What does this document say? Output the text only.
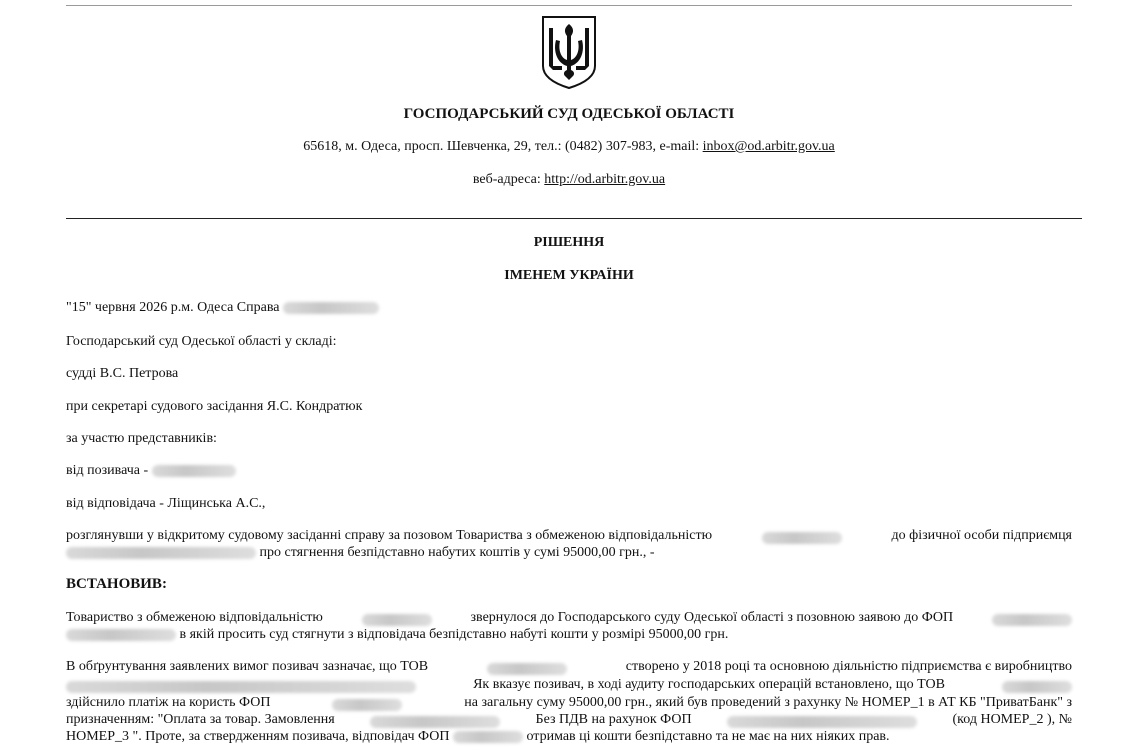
ГОСПОДАРСЬКИЙ СУД ОДЕСЬКОЇ ОБЛАСТІ
65618, м. Одеса, просп. Шевченка, 29, тел.: (0482) 307-983, e-mail: inbox@od.arbitr.gov.ua
веб-адреса: http://od.arbitr.gov.ua
РІШЕННЯ
ІМЕНЕМ УКРАЇНИ
"15" червня 2026 р.м. Одеса Справа
Господарський суд Одеської області у складі:
судді В.С. Петрова
при секретарі судового засідання Я.С. Кондратюк
за участю представників:
від позивача -
від відповідача - Ліщинська А.С.,
розглянувши у відкритому судовому засіданні справу за позовом Товариства з обмеженою відповідальністю	до фізичної особи підприємця
про стягнення безпідставно набутих коштів у сумі 95000,00 грн., -
ВСТАНОВИВ:
Товариство з обмеженою відповідальністю	звернулося до Господарського суду Одеської області з позовною заявою до ФОП
в якій просить суд стягнути з відповідача безпідставно набуті кошти у розмірі 95000,00 грн.
В обґрунтування заявлених вимог позивач зазначає, що ТОВ	створено у 2018 році та основною діяльністю підприємства є виробництво
Як вказує позивач, в ході аудиту господарських операцій встановлено, що ТОВ
здійснило платіж на користь ФОП	на загальну суму 95000,00 грн., який був проведений з рахунку № НОМЕР_1 в АТ КБ "ПриватБанк" з
призначенням: "Оплата за товар. Замовлення	Без ПДВ на рахунок ФОП	(код НОМЕР_2 ), №
НОМЕР_3 ". Проте, за ствердженням позивача, відповідач ФОП	отримав ці кошти безпідставно та не має на них ніяких прав.
